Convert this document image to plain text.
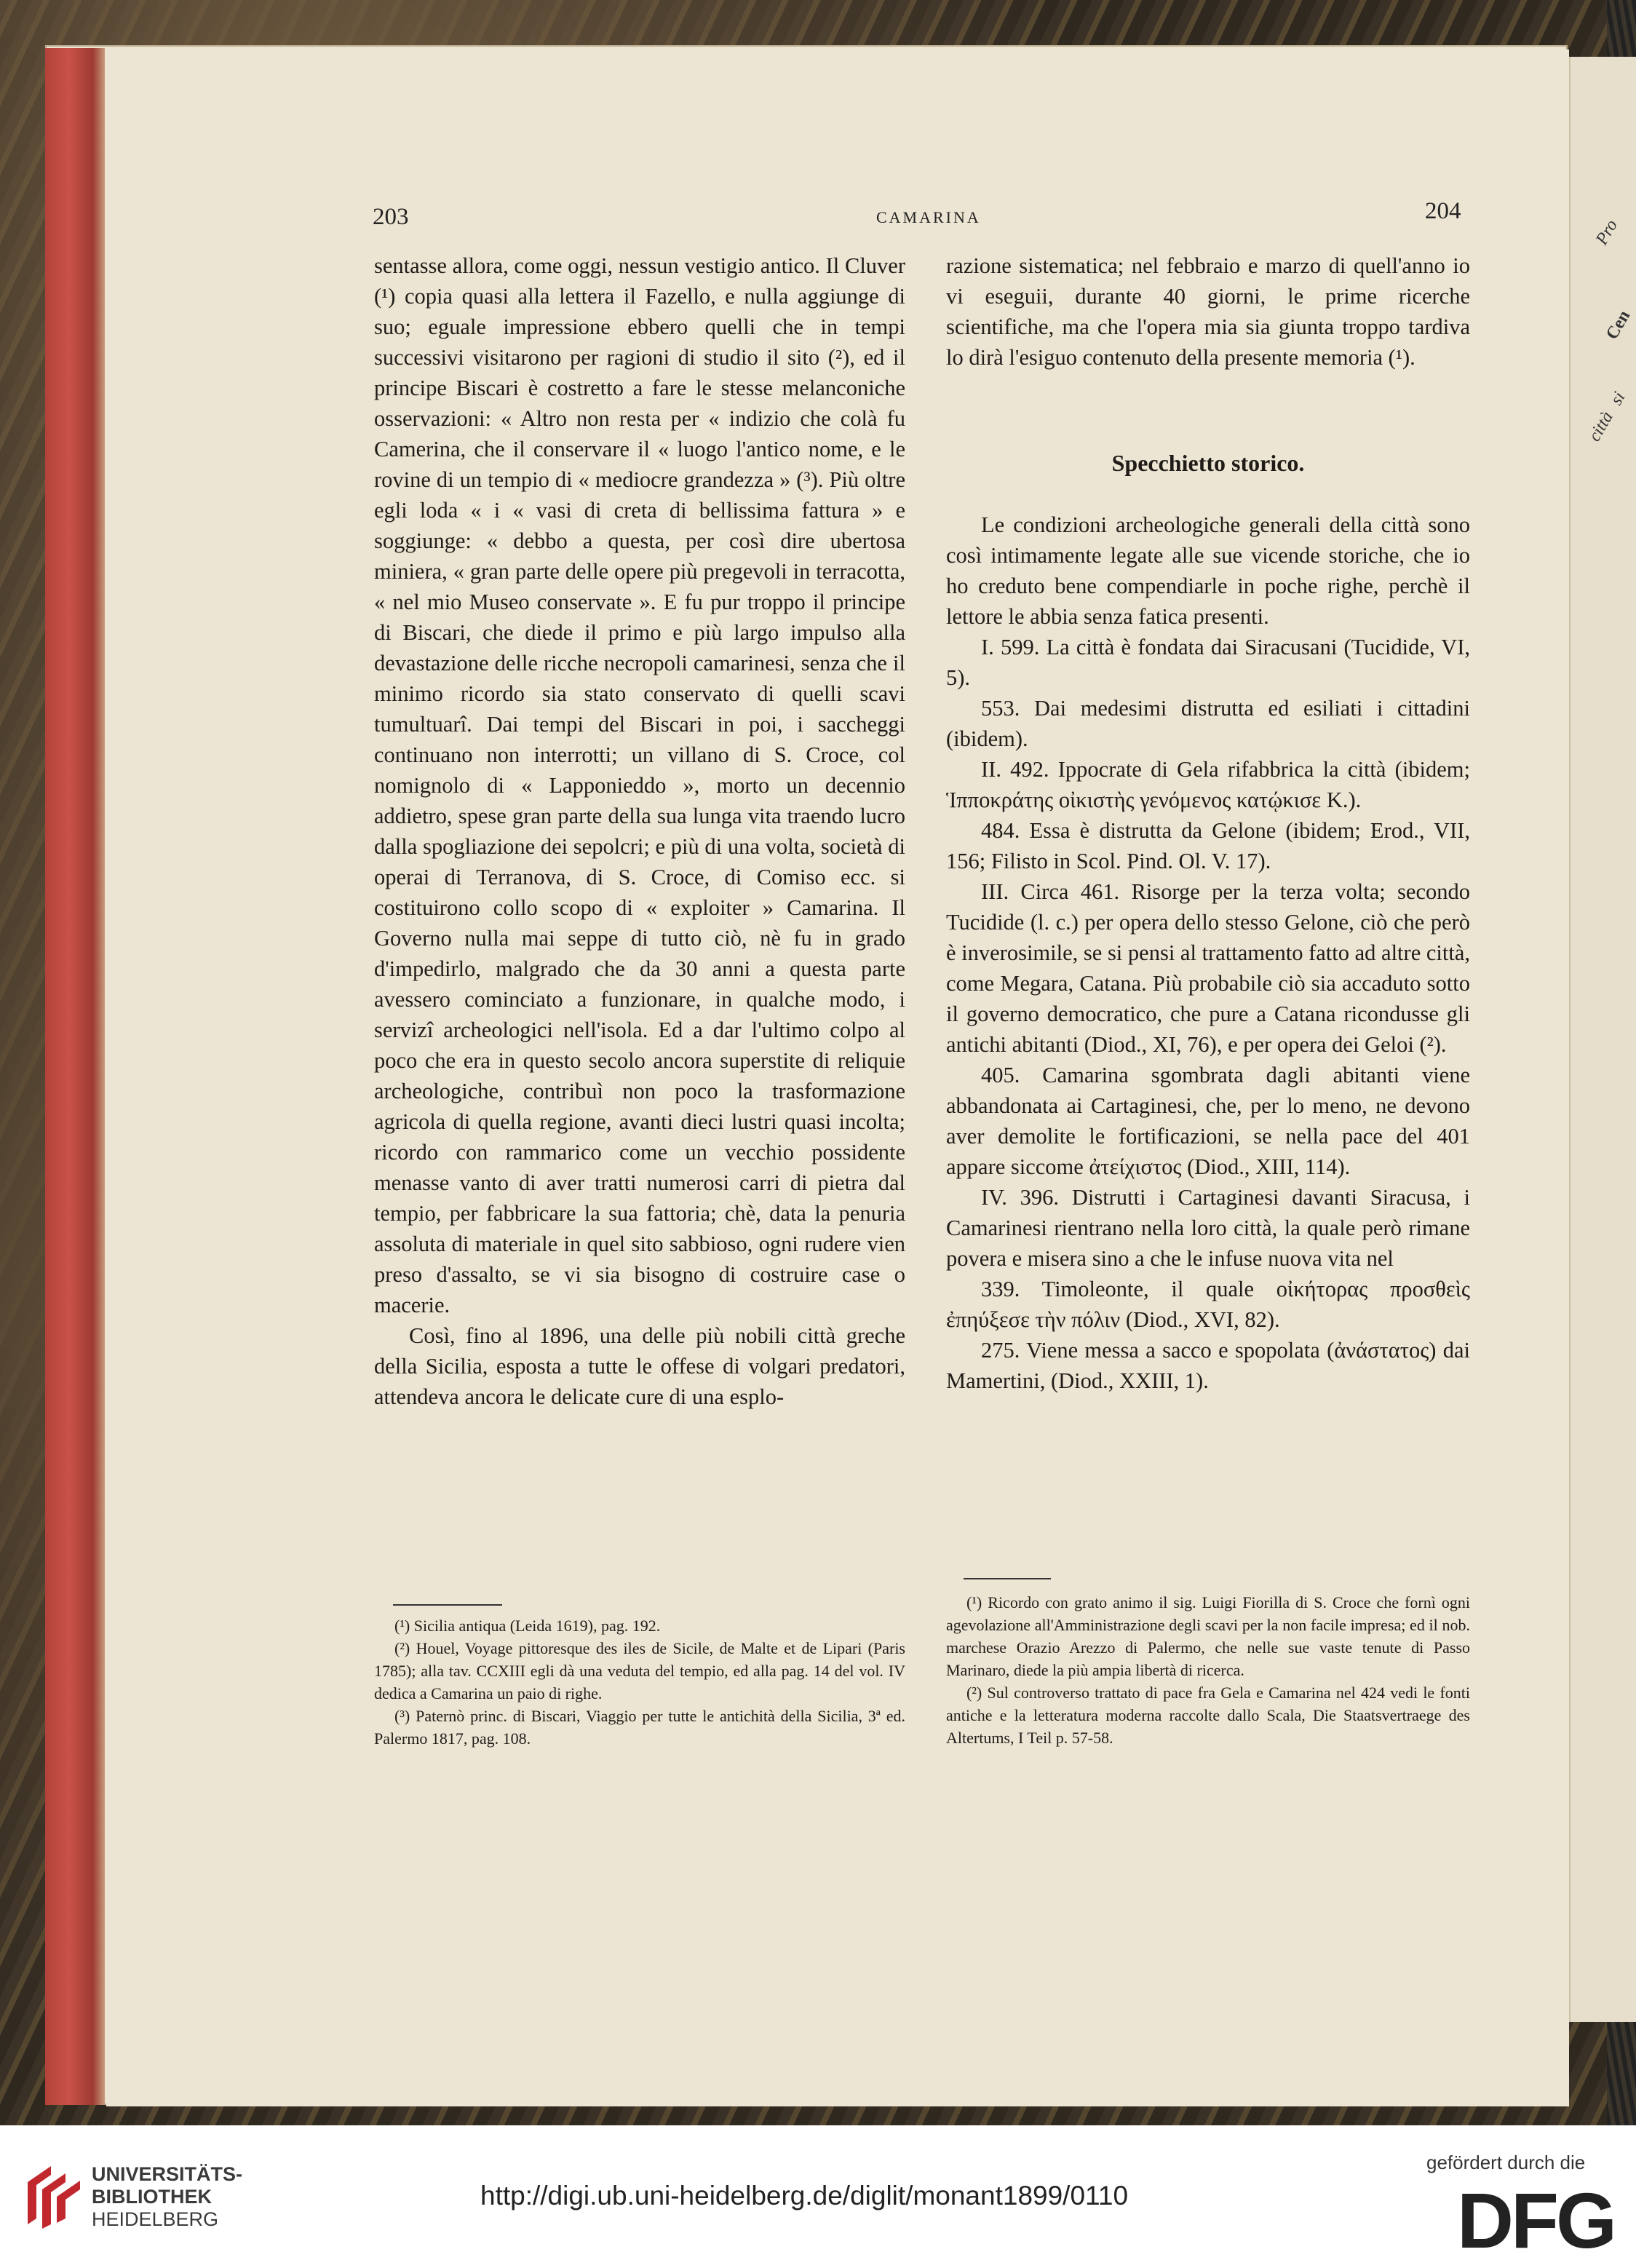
Pro
Cen
città
si
203	CAMARINA	204

sentasse allora, come oggi, nessun vestigio antico. Il Cluver (¹) copia quasi alla lettera il Fazello, e nulla aggiunge di suo; eguale impressione ebbero quelli che in tempi successivi visitarono per ragioni di studio il sito (²), ed il principe Biscari è costretto a fare le stesse melanconiche osservazioni: « Altro non resta per « indizio che colà fu Camerina, che il conservare il « luogo l'antico nome, e le rovine di un tempio di « mediocre grandezza » (³). Più oltre egli loda « i « vasi di creta di bellissima fattura » e soggiunge: « debbo a questa, per così dire ubertosa miniera, « gran parte delle opere più pregevoli in terracotta, « nel mio Museo conservate ». E fu pur troppo il principe di Biscari, che diede il primo e più largo impulso alla devastazione delle ricche necropoli camarinesi, senza che il minimo ricordo sia stato conservato di quelli scavi tumultuarî. Dai tempi del Biscari in poi, i saccheggi continuano non interrotti; un villano di S. Croce, col nomignolo di « Lapponieddo », morto un decennio addietro, spese gran parte della sua lunga vita traendo lucro dalla spogliazione dei sepolcri; e più di una volta, società di operai di Terranova, di S. Croce, di Comiso ecc. si costituirono collo scopo di « exploiter » Camarina. Il Governo nulla mai seppe di tutto ciò, nè fu in grado d'impedirlo, malgrado che da 30 anni a questa parte avessero cominciato a funzionare, in qualche modo, i servizî archeologici nell'isola. Ed a dar l'ultimo colpo al poco che era in questo secolo ancora superstite di reliquie archeologiche, contribuì non poco la trasformazione agricola di quella regione, avanti dieci lustri quasi incolta; ricordo con rammarico come un vecchio possidente menasse vanto di aver tratti numerosi carri di pietra dal tempio, per fabbricare la sua fattoria; chè, data la penuria assoluta di materiale in quel sito sabbioso, ogni rudere vien preso d'assalto, se vi sia bisogno di costruire case o macerie.

Così, fino al 1896, una delle più nobili città greche della Sicilia, esposta a tutte le offese di volgari predatori, attendeva ancora le delicate cure di una esplo-

(¹) Sicilia antiqua (Leida 1619), pag. 192.

(²) Houel, Voyage pittoresque des iles de Sicile, de Malte et de Lipari (Paris 1785); alla tav. CCXIII egli dà una veduta del tempio, ed alla pag. 14 del vol. IV dedica a Camarina un paio di righe.

(³) Paternò princ. di Biscari, Viaggio per tutte le antichità della Sicilia, 3ª ed. Palermo 1817, pag. 108.

razione sistematica; nel febbraio e marzo di quell'anno io vi eseguii, durante 40 giorni, le prime ricerche scientifiche, ma che l'opera mia sia giunta troppo tardiva lo dirà l'esiguo contenuto della presente memoria (¹).

Specchietto storico.

Le condizioni archeologiche generali della città sono così intimamente legate alle sue vicende storiche, che io ho creduto bene compendiarle in poche righe, perchè il lettore le abbia senza fatica presenti.

I. 599. La città è fondata dai Siracusani (Tucidide, VI, 5).

553. Dai medesimi distrutta ed esiliati i cittadini (ibidem).

II. 492. Ippocrate di Gela rifabbrica la città (ibidem; Ἱπποκράτης οἰκιστὴς γενόμενος κατῴκισε K.).

484. Essa è distrutta da Gelone (ibidem; Erod., VII, 156; Filisto in Scol. Pind. Ol. V. 17).

III. Circa 461. Risorge per la terza volta; secondo Tucidide (l. c.) per opera dello stesso Gelone, ciò che però è inverosimile, se si pensi al trattamento fatto ad altre città, come Megara, Catana. Più probabile ciò sia accaduto sotto il governo democratico, che pure a Catana ricondusse gli antichi abitanti (Diod., XI, 76), e per opera dei Geloi (²).

405. Camarina sgombrata dagli abitanti viene abbandonata ai Cartaginesi, che, per lo meno, ne devono aver demolite le fortificazioni, se nella pace del 401 appare siccome ἀτείχιστος (Diod., XIII, 114).

IV. 396. Distrutti i Cartaginesi davanti Siracusa, i Camarinesi rientrano nella loro città, la quale però rimane povera e misera sino a che le infuse nuova vita nel

339. Timoleonte, il quale οἰκήτορας προσθεὶς ἐπηύξεσε τὴν πόλιν (Diod., XVI, 82).

275. Viene messa a sacco e spopolata (ἀνάστατος) dai Mamertini, (Diod., XXIII, 1).

(¹) Ricordo con grato animo il sig. Luigi Fiorilla di S. Croce che fornì ogni agevolazione all'Amministrazione degli scavi per la non facile impresa; ed il nob. marchese Orazio Arezzo di Palermo, che nelle sue vaste tenute di Passo Marinaro, diede la più ampia libertà di ricerca.

(²) Sul controverso trattato di pace fra Gela e Camarina nel 424 vedi le fonti antiche e la letteratura moderna raccolte dallo Scala, Die Staatsvertraege des Altertums, I Teil p. 57-58.

UNIVERSITÄTS-
BIBLIOTHEK
HEIDELBERG
http://digi.ub.uni-heidelberg.de/diglit/monant1899/0110
gefördert durch die
DFG
